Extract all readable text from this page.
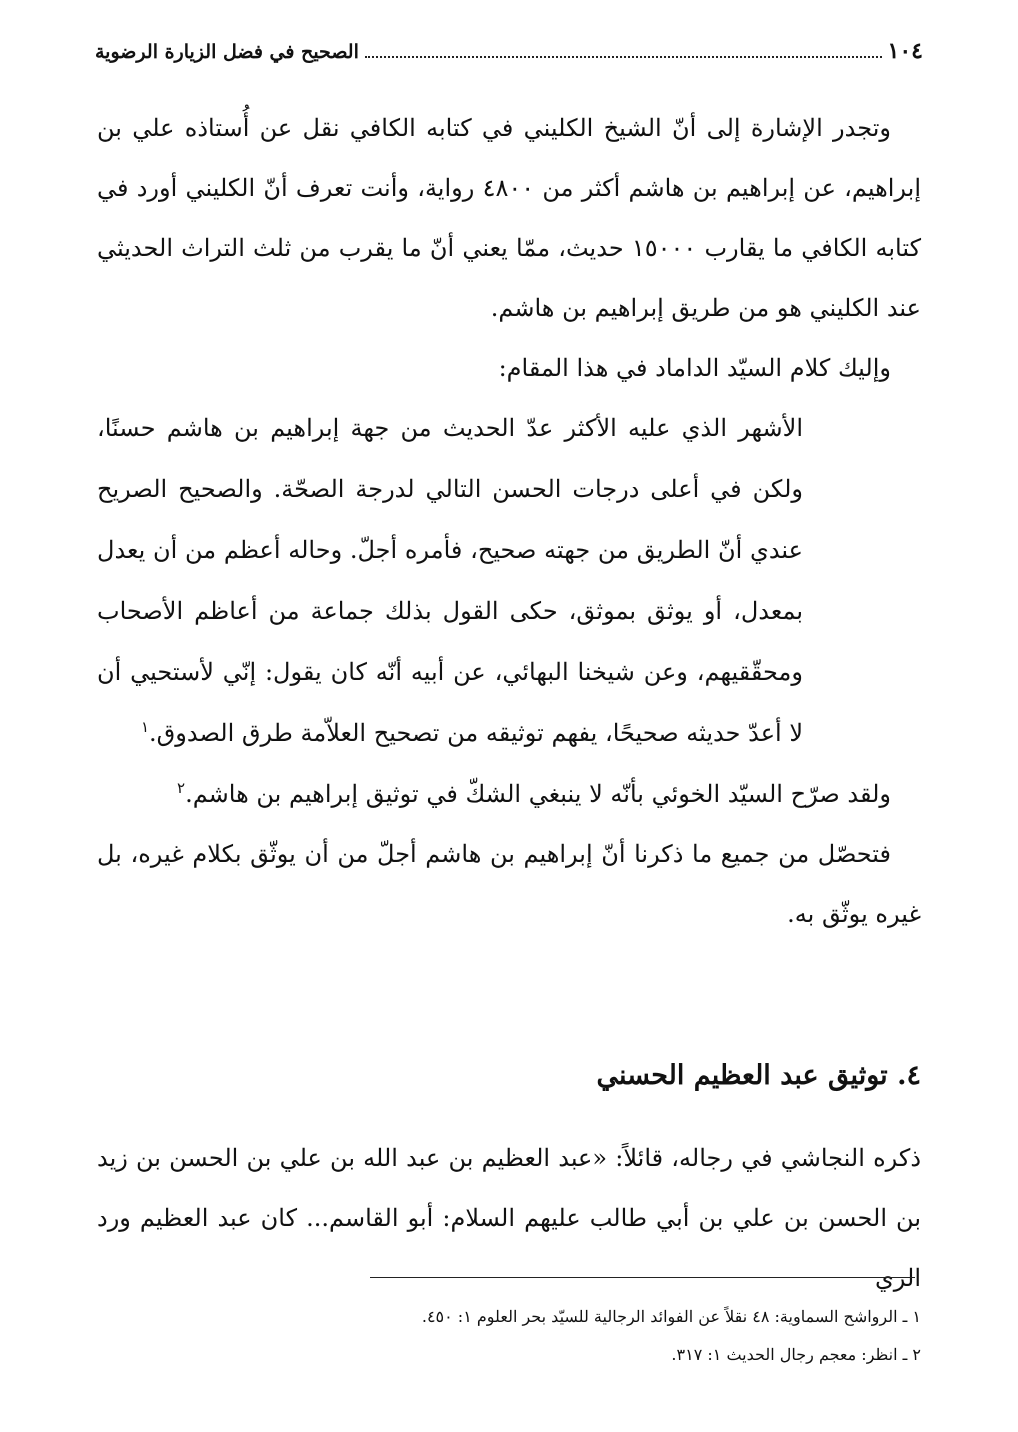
١٠٤
الصحيح في فضل الزيارة الرضوية

وتجدر الإشارة إلى أنّ الشيخ الكليني في كتابه الكافي نقل عن أُستاذه علي بن إبراهيم، عن إبراهيم بن هاشم أكثر من ٤٨٠٠ رواية، وأنت تعرف أنّ الكليني أورد في كتابه الكافي ما يقارب ١٥٠٠٠ حديث، ممّا يعني أنّ ما يقرب من ثلث التراث الحديثي عند الكليني هو من طريق إبراهيم بن هاشم.

وإليك كلام السيّد الداماد في هذا المقام:

الأشهر الذي عليه الأكثر عدّ الحديث من جهة إبراهيم بن هاشم حسنًا، ولكن في أعلى درجات الحسن التالي لدرجة الصحّة. والصحيح الصريح عندي أنّ الطريق من جهته صحيح، فأمره أجلّ. وحاله أعظم من أن يعدل بمعدل، أو يوثق بموثق، حكى القول بذلك جماعة من أعاظم الأصحاب ومحقّقيهم، وعن شيخنا البهائي، عن أبيه أنّه كان يقول: إنّي لأستحيي أن لا أعدّ حديثه صحيحًا، يفهم توثيقه من تصحيح العلاّمة طرق الصدوق.$^١$

ولقد صرّح السيّد الخوئي بأنّه لا ينبغي الشكّ في توثيق إبراهيم بن هاشم.$^٢$

فتحصّل من جميع ما ذكرنا أنّ إبراهيم بن هاشم أجلّ من أن يوثّق بكلام غيره، بل غيره يوثّق به.

٤. توثيق عبد العظيم الحسني

ذكره النجاشي في رجاله، قائلاً: «عبد العظيم بن عبد الله بن علي بن الحسن بن زيد بن الحسن بن علي بن أبي طالب عليهم السلام: أبو القاسم... كان عبد العظيم ورد الري

١ ـ الرواشح السماوية: ٤٨ نقلاً عن الفوائد الرجالية للسيّد بحر العلوم ١: ٤٥٠.

٢ ـ انظر: معجم رجال الحديث ١: ٣١٧.
